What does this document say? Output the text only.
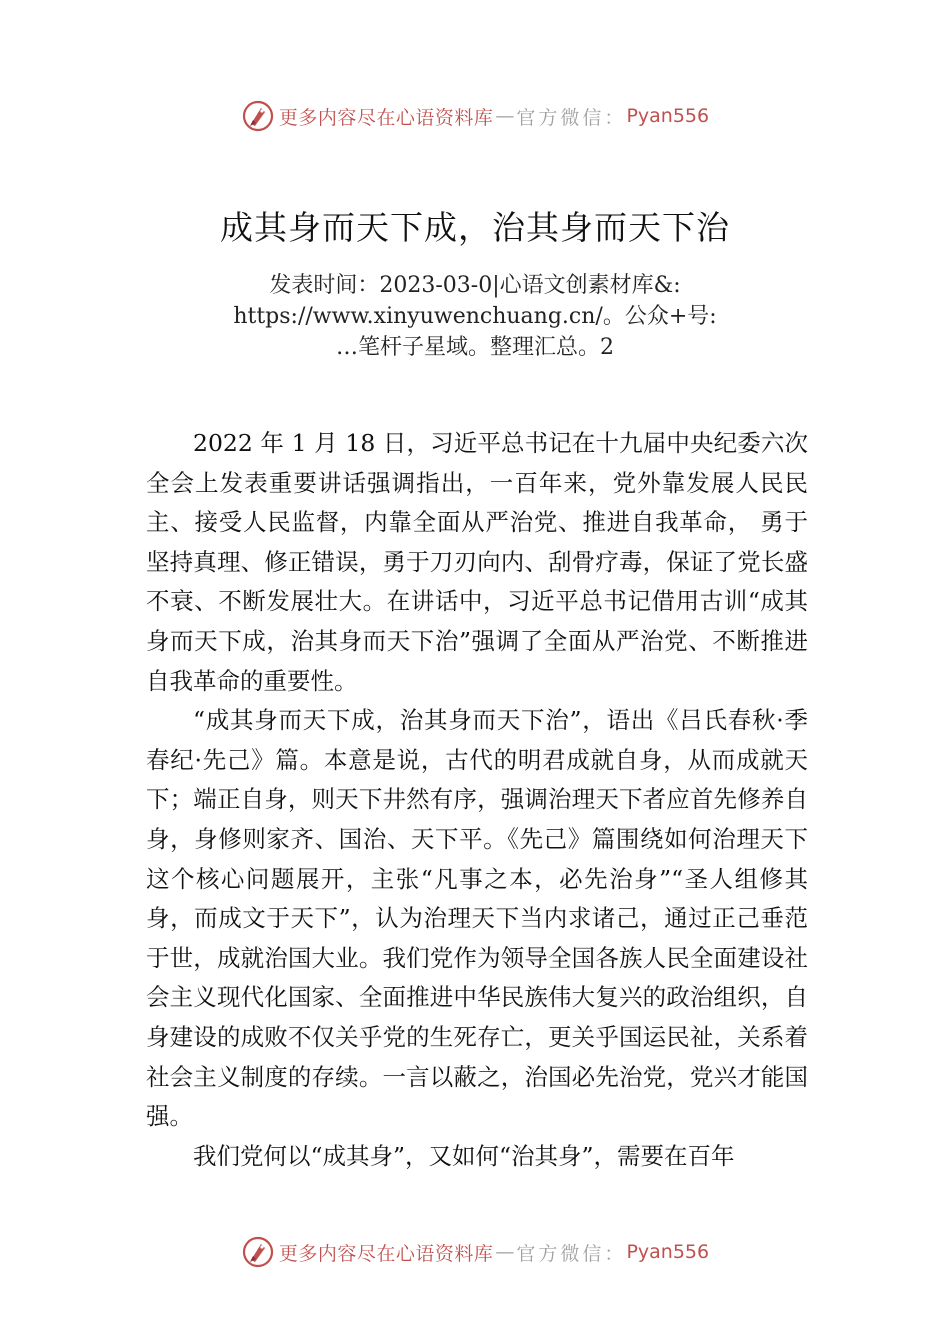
更多内容尽在心语资料库 — 官方微信： Pyan556
成其身而天下成，治其身而天下治
发表时间：2023-03-0|心语文创素材库&:
https://www.xinyuwenchuang.cn/。公众+号:
…笔杆子星域。整理汇总。2

2022 年 1 月 18 日，习近平总书记在十九届中央纪委六次全会上发表重要讲话强调指出，一百年来，党外靠发展人民民主、接受人民监督，内靠全面从严治党、推进自我革命， 勇于坚持真理、修正错误，勇于刀刃向内、刮骨疗毒，保证了党长盛不衰、不断发展壮大。在讲话中，习近平总书记借用古训“成其身而天下成，治其身而天下治”强调了全面从严治党、不断推进自我革命的重要性。

“成其身而天下成，治其身而天下治”，语出《吕氏春秋·季春纪·先己》篇。本意是说，古代的明君成就自身，从而成就天下；端正自身，则天下井然有序，强调治理天下者应首先修养自身，身修则家齐、国治、天下平。《先己》篇围绕如何治理天下这个核心问题展开，主张“凡事之本，必先治身”“圣人组修其身，而成文于天下”，认为治理天下当内求诸己，通过正己垂范于世，成就治国大业。我们党作为领导全国各族人民全面建设社会主义现代化国家、全面推进中华民族伟大复兴的政治组织，自身建设的成败不仅关乎党的生死存亡，更关乎国运民祉，关系着社会主义制度的存续。一言以蔽之，治国必先治党，党兴才能国强。

我们党何以“成其身”，又如何“治其身”，需要在百年

更多内容尽在心语资料库 — 官方微信： Pyan556
